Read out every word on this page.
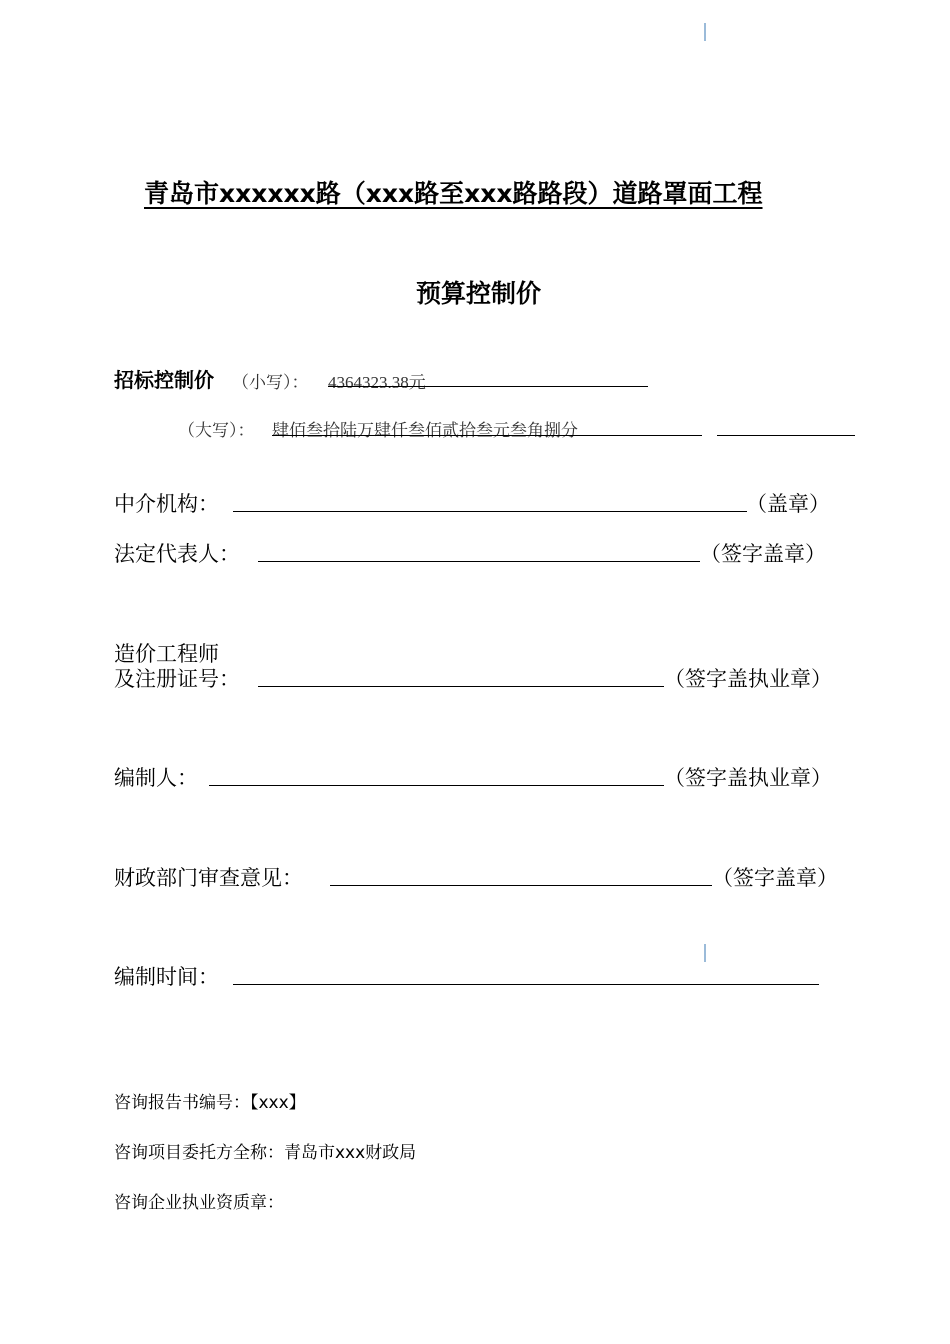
青岛市xxxxxx路（xxx路至xxx路路段）道路罩面工程
预算控制价
招标控制价 （小写）： 4364323.38元
（大写）： 肆佰叁拾陆万肆仟叁佰贰拾叁元叁角捌分
中介机构：	（盖章）
法定代表人：	（签字盖章）
造价工程师
及注册证号：	（签字盖执业章）
编制人：	（签字盖执业章）
财政部门审查意见：	（签字盖章）
编制时间：
咨询报告书编号：【xxx】
咨询项目委托方全称：青岛市xxx财政局
咨询企业执业资质章：
